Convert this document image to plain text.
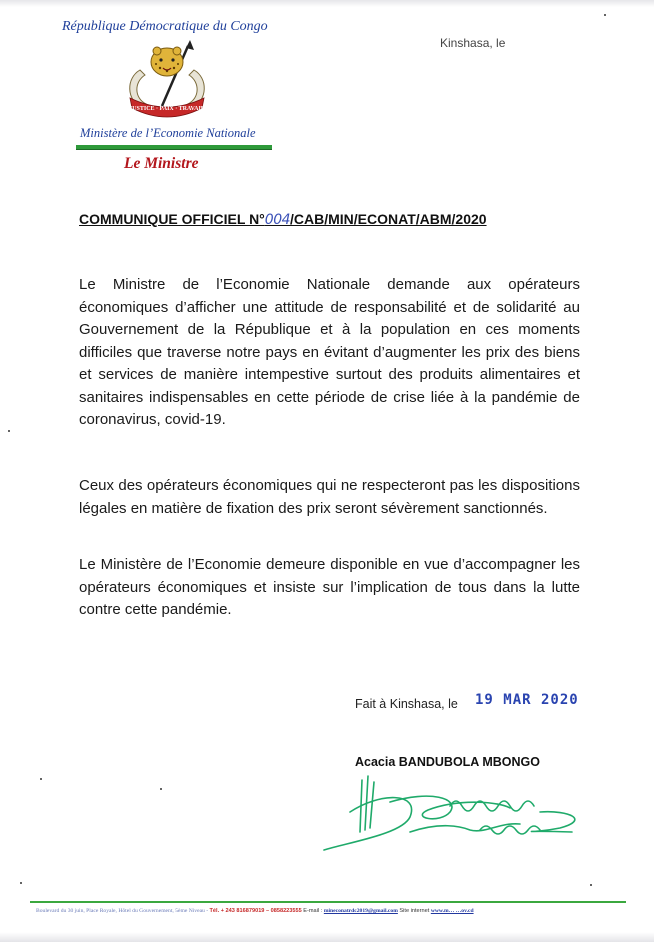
République Démocratique du Congo
Kinshasa, le
JUSTICE · PAIX · TRAVAIL
Ministère de l’Economie Nationale
Le Ministre
COMMUNIQUE OFFICIEL N°004/CAB/MIN/ECONAT/ABM/2020

Le Ministre de l’Economie Nationale demande aux opérateurs économiques d’afficher une attitude de responsabilité et de solidarité au Gouvernement de la République et à la population en ces moments difficiles que traverse notre pays en évitant d’augmenter les prix des biens et services de manière intempestive surtout des produits alimentaires et sanitaires indispensables en cette période de crise liée à la pandémie de coronavirus, covid-19.

Ceux des opérateurs économiques qui ne respecteront pas les dispositions légales en matière de fixation des prix seront sévèrement sanctionnés.

Le Ministère de l’Economie demeure disponible en vue d’accompagner les opérateurs économiques et insiste sur l’implication de tous dans la lutte contre cette pandémie.

Fait à Kinshasa, le 19 MAR 2020
Acacia BANDUBOLA MBONGO
Boulevard du 30 juin, Place Royale, Hôtel du Gouvernement, 5ème Niveau - Tél. + 243 816879019 – 0858223555 E-mail : mineconatrdc2019@gmail.com Site internet www.m… …ov.cd
